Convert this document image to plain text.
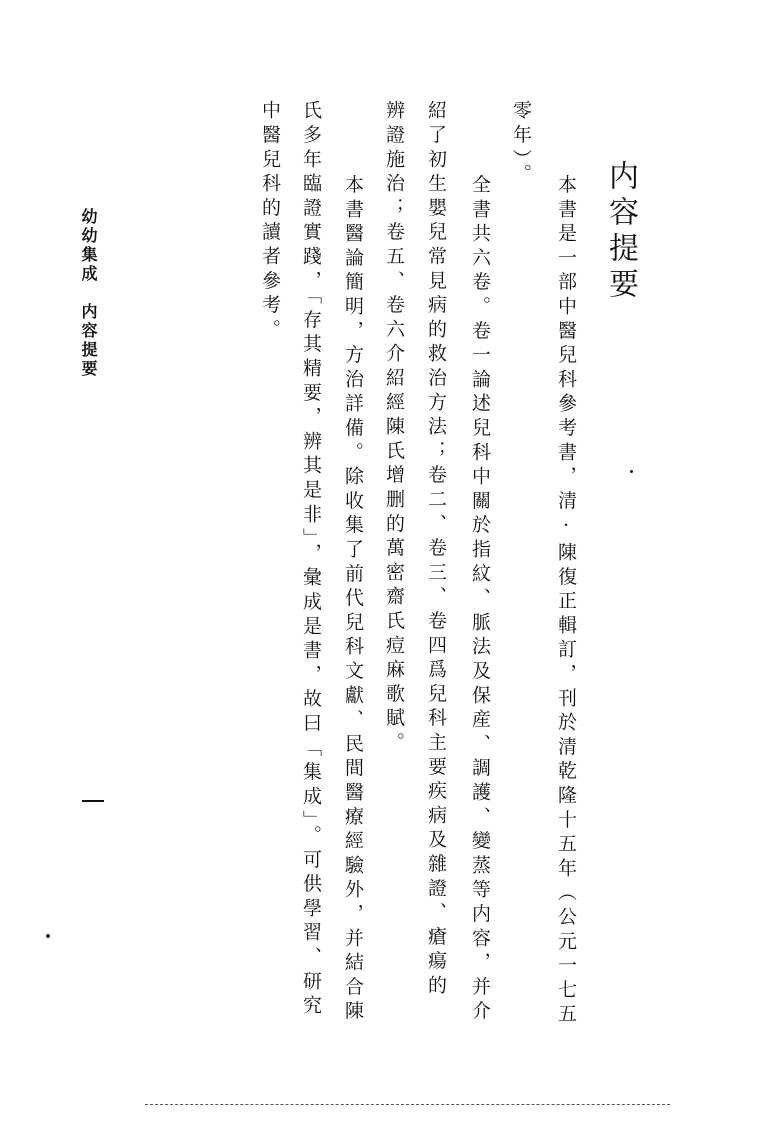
内容提要
　本書是一部中醫兒科參考書，清·陳復正輯訂，刊於清乾隆十五年（公元一七五
零年）。
　全書共六卷。卷一論述兒科中關於指紋、脈法及保産、調護、變蒸等内容，并介
紹了初生嬰兒常見病的救治方法；卷二、卷三、卷四爲兒科主要疾病及雜證、瘡瘍的
辨證施治；卷五、卷六介紹經陳氏增删的萬密齋氏痘麻歌賦。
　本書醫論簡明，方治詳備。除收集了前代兒科文獻、民間醫療經驗外，并結合陳
氏多年臨證實踐，「存其精要，辨其是非」，彙成是書，故曰「集成」。可供學習、研究
中醫兒科的讀者參考。
幼幼集成　内容提要
